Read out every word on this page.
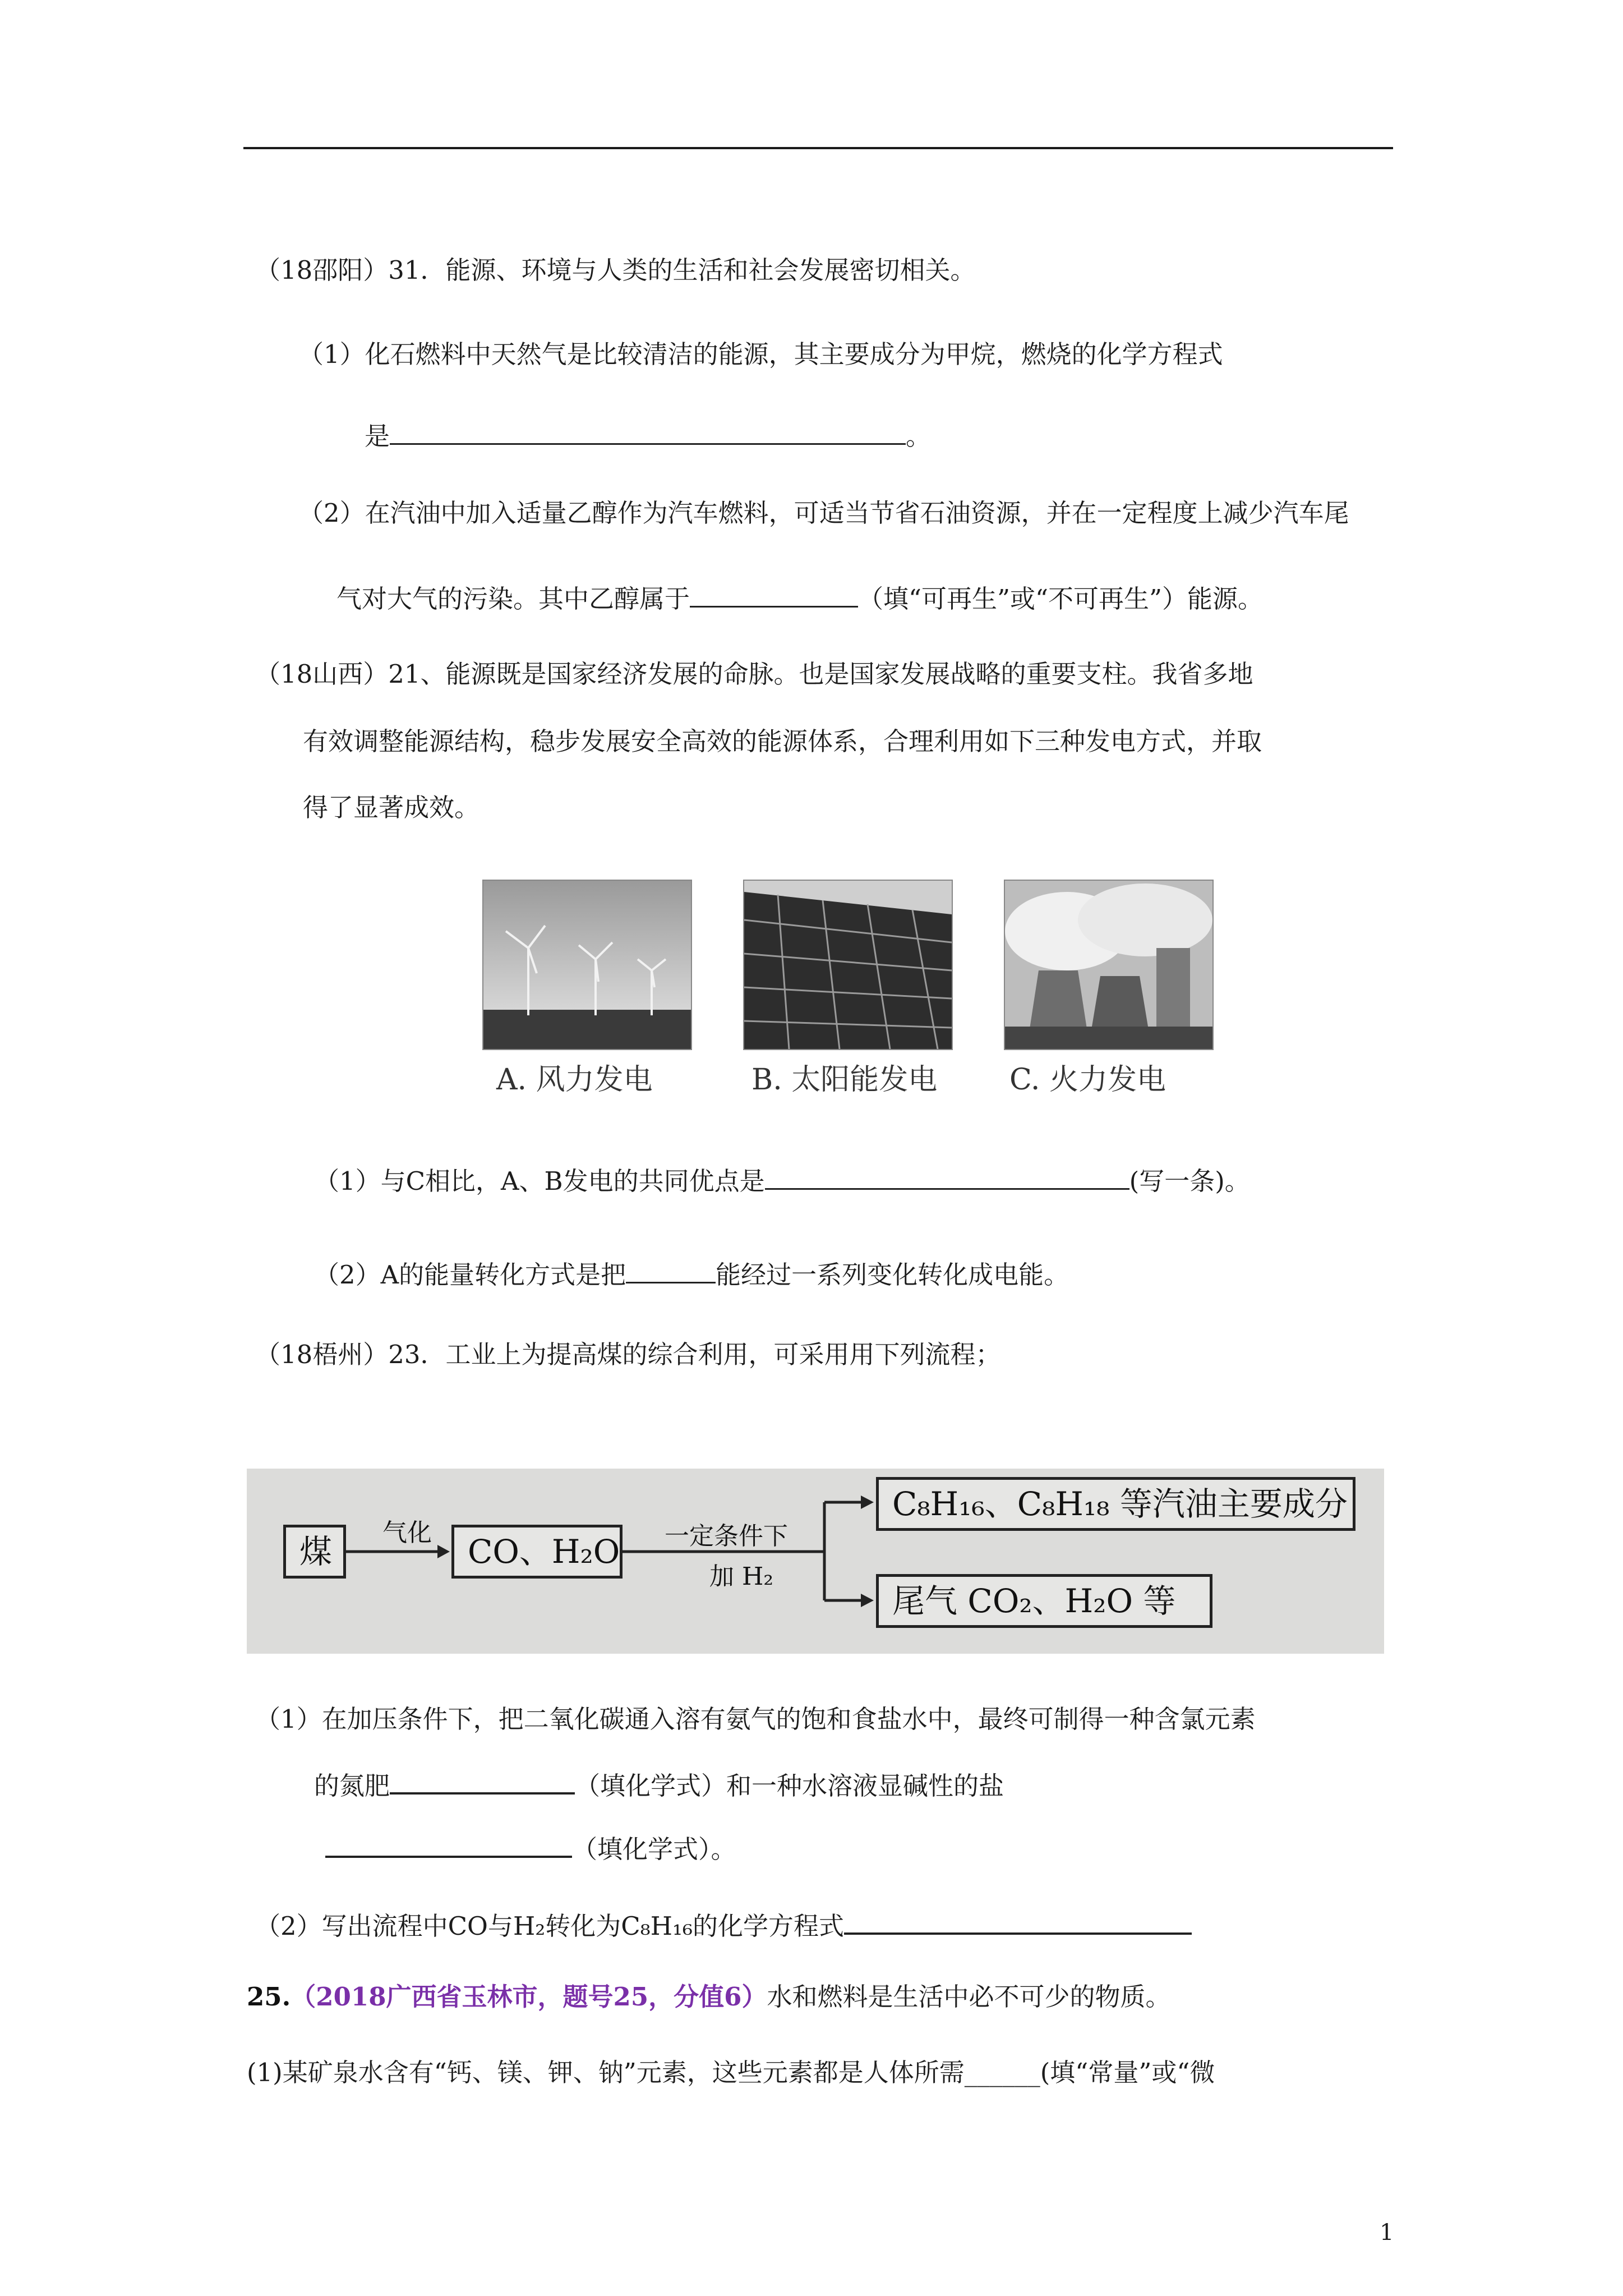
（18邵阳）31．能源、环境与人类的生活和社会发展密切相关。
（1）化石燃料中天然气是比较清洁的能源，其主要成分为甲烷，燃烧的化学方程式
是	。
（2）在汽油中加入适量乙醇作为汽车燃料，可适当节省石油资源，并在一定程度上减少汽车尾
气对大气的污染。其中乙醇属于	（填“可再生”或“不可再生”）能源。
（18山西）21、能源既是国家经济发展的命脉。也是国家发展战略的重要支柱。我省多地
有效调整能源结构，稳步发展安全高效的能源体系，合理利用如下三种发电方式，并取
得了显著成效。
A. 风力发电	B. 太阳能发电 C. 火力发电
（1）与C相比，A、B发电的共同优点是	(写一条)。
（2）A的能量转化方式是把	能经过一系列变化转化成电能。
（18梧州）23．工业上为提高煤的综合利用，可采用用下列流程；
煤	气化	CO、H₂O 一定条件下
加 H₂
C₈H₁₆、C₈H₁₈ 等汽油主要成分
尾气 CO₂、H₂O 等
（1）在加压条件下，把二氧化碳通入溶有氨气的饱和食盐水中，最终可制得一种含氯元素
的氮肥	（填化学式）和一种水溶液显碱性的盐
（填化学式）。
（2）写出流程中CO与H₂转化为C₈H₁₆的化学方程式
25.（2018广西省玉林市，题号25，分值6）水和燃料是生活中必不可少的物质。
(1)某矿泉水含有“钙、镁、钾、钠”元素，这些元素都是人体所需______(填“常量”或“微
1
